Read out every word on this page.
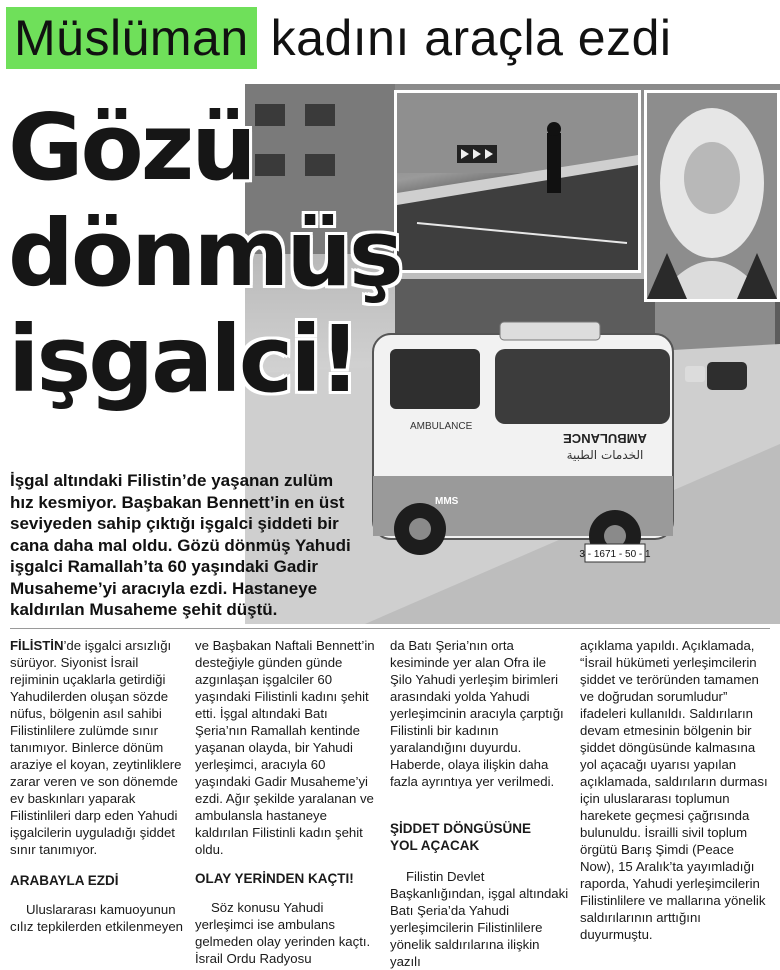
Müslüman kadını araçla ezdi
3 - 1671 - 50 - 1
AMBULANCE
الخدمات الطبية
AMBULANCE
MMS
Gözü
dönmüş
işgalci!

İşgal altındaki Filistin’de yaşanan zulüm hız kesmiyor. Başbakan Bennett’in en üst seviyeden sahip çıktığı işgalci şiddeti bir cana daha mal oldu. Gözü dönmüş Yahudi işgalci Ramallah’ta 60 yaşındaki Gadir Musaheme’yi aracıyla ezdi. Hastaneye kaldırılan Musaheme şehit düştü.

FİLİSTİN’de işgalci arsızlığı sürüyor. Siyonist İsrail rejiminin uçaklarla getirdiği Yahudilerden oluşan sözde nüfus, bölgenin asıl sahibi Filistinlilere zulümde sınır tanımıyor. Binlerce dönüm araziye el koyan, zeytinliklere zarar veren ve son dönemde ev baskınları yaparak Filistinlileri darp eden Yahudi işgalcilerin uyguladığı şiddet sınır tanımıyor.

ARABAYLA EZDİ

Uluslararası kamuoyunun cılız tepkilerden etkilenmeyen

ve Başbakan Naftali Bennett’in desteğiyle günden günde azgınlaşan işgalciler 60 yaşındaki Filistinli kadını şehit etti. İşgal altındaki Batı Şeria’nın Ramallah kentinde yaşanan olayda, bir Yahudi yerleşimci, aracıyla 60 yaşındaki Gadir Musaheme’yi ezdi. Ağır şekilde yaralanan ve ambulansla hastaneye kaldırılan Filistinli kadın şehit oldu.

OLAY YERİNDEN KAÇTI!

Söz konusu Yahudi yerleşimci ise ambulans gelmeden olay yerinden kaçtı. İsrail Ordu Radyosu

da Batı Şeria’nın orta kesiminde yer alan Ofra ile Şilo Yahudi yerleşim birimleri arasındaki yolda Yahudi yerleşimcinin aracıyla çarptığı Filistinli bir kadının yaralandığını duyurdu. Haberde, olaya ilişkin daha fazla ayrıntıya yer verilmedi.

ŞİDDET DÖNGÜSÜNE

YOL AÇACAK

Filistin Devlet Başkanlığından, işgal altındaki Batı Şeria’da Yahudi yerleşimcilerin Filistinlilere yönelik saldırılarına ilişkin yazılı

açıklama yapıldı. Açıklamada, “İsrail hükümeti yerleşimcilerin şiddet ve teröründen tamamen ve doğrudan sorumludur” ifadeleri kullanıldı. Saldırıların devam etmesinin bölgenin bir şiddet döngüsünde kalmasına yol açacağı uyarısı yapılan açıklamada, saldırıların durması için uluslararası toplumun harekete geçmesi çağrısında bulunuldu. İsrailli sivil toplum örgütü Barış Şimdi (Peace Now), 15 Aralık’ta yayımladığı raporda, Yahudi yerleşimcilerin Filistinlilere ve mallarına yönelik saldırılarının arttığını duyurmuştu.
